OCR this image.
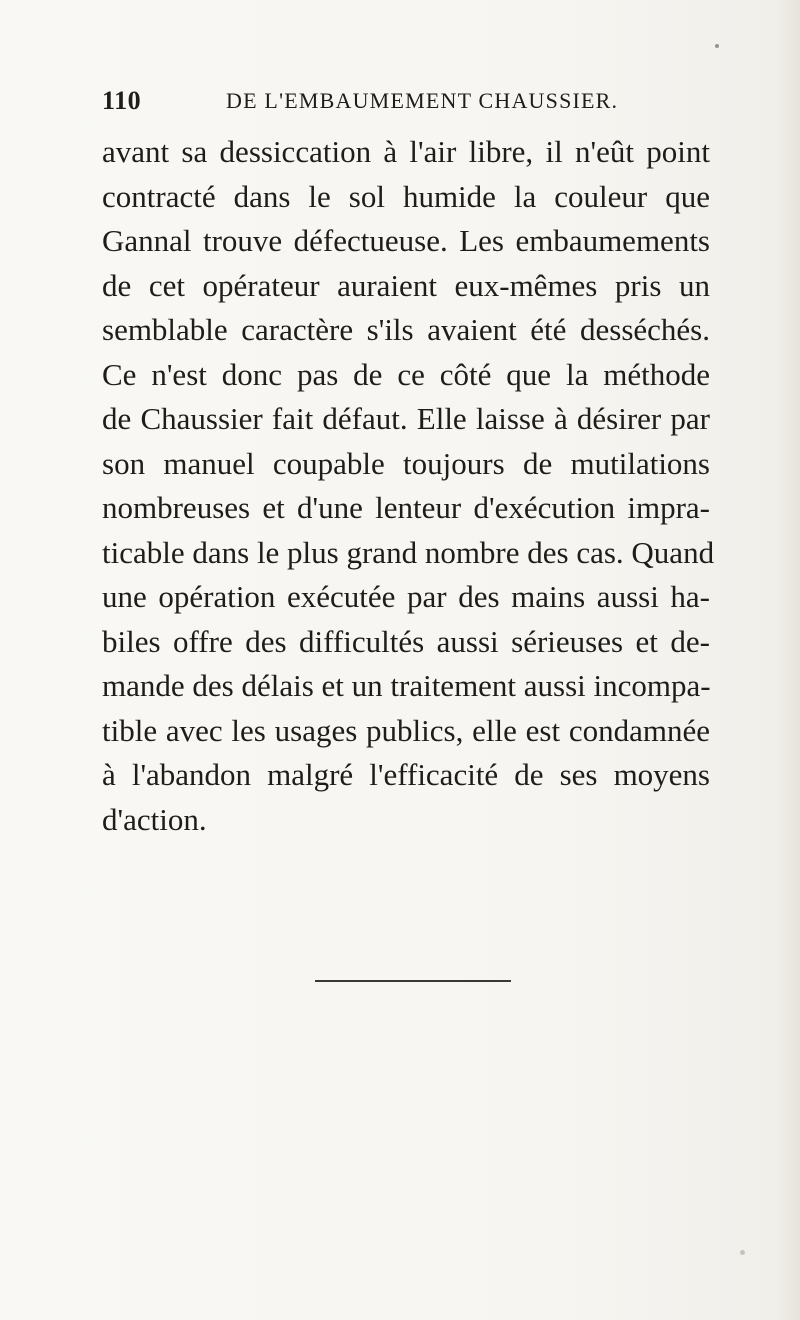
110	DE L'EMBAUMEMENT CHAUSSIER.
avant sa dessiccation à l'air libre, il n'eût point
contracté dans le sol humide la couleur que
Gannal trouve défectueuse. Les embaumements
de cet opérateur auraient eux-mêmes pris un
semblable caractère s'ils avaient été desséchés.
Ce n'est donc pas de ce côté que la méthode
de Chaussier fait défaut. Elle laisse à désirer par
son manuel coupable toujours de mutilations
nombreuses et d'une lenteur d'exécution impra-
ticable dans le plus grand nombre des cas. Quand
une opération exécutée par des mains aussi ha-
biles offre des difficultés aussi sérieuses et de-
mande des délais et un traitement aussi incompa-
tible avec les usages publics, elle est condamnée
à l'abandon malgré l'efficacité de ses moyens
d'action.
